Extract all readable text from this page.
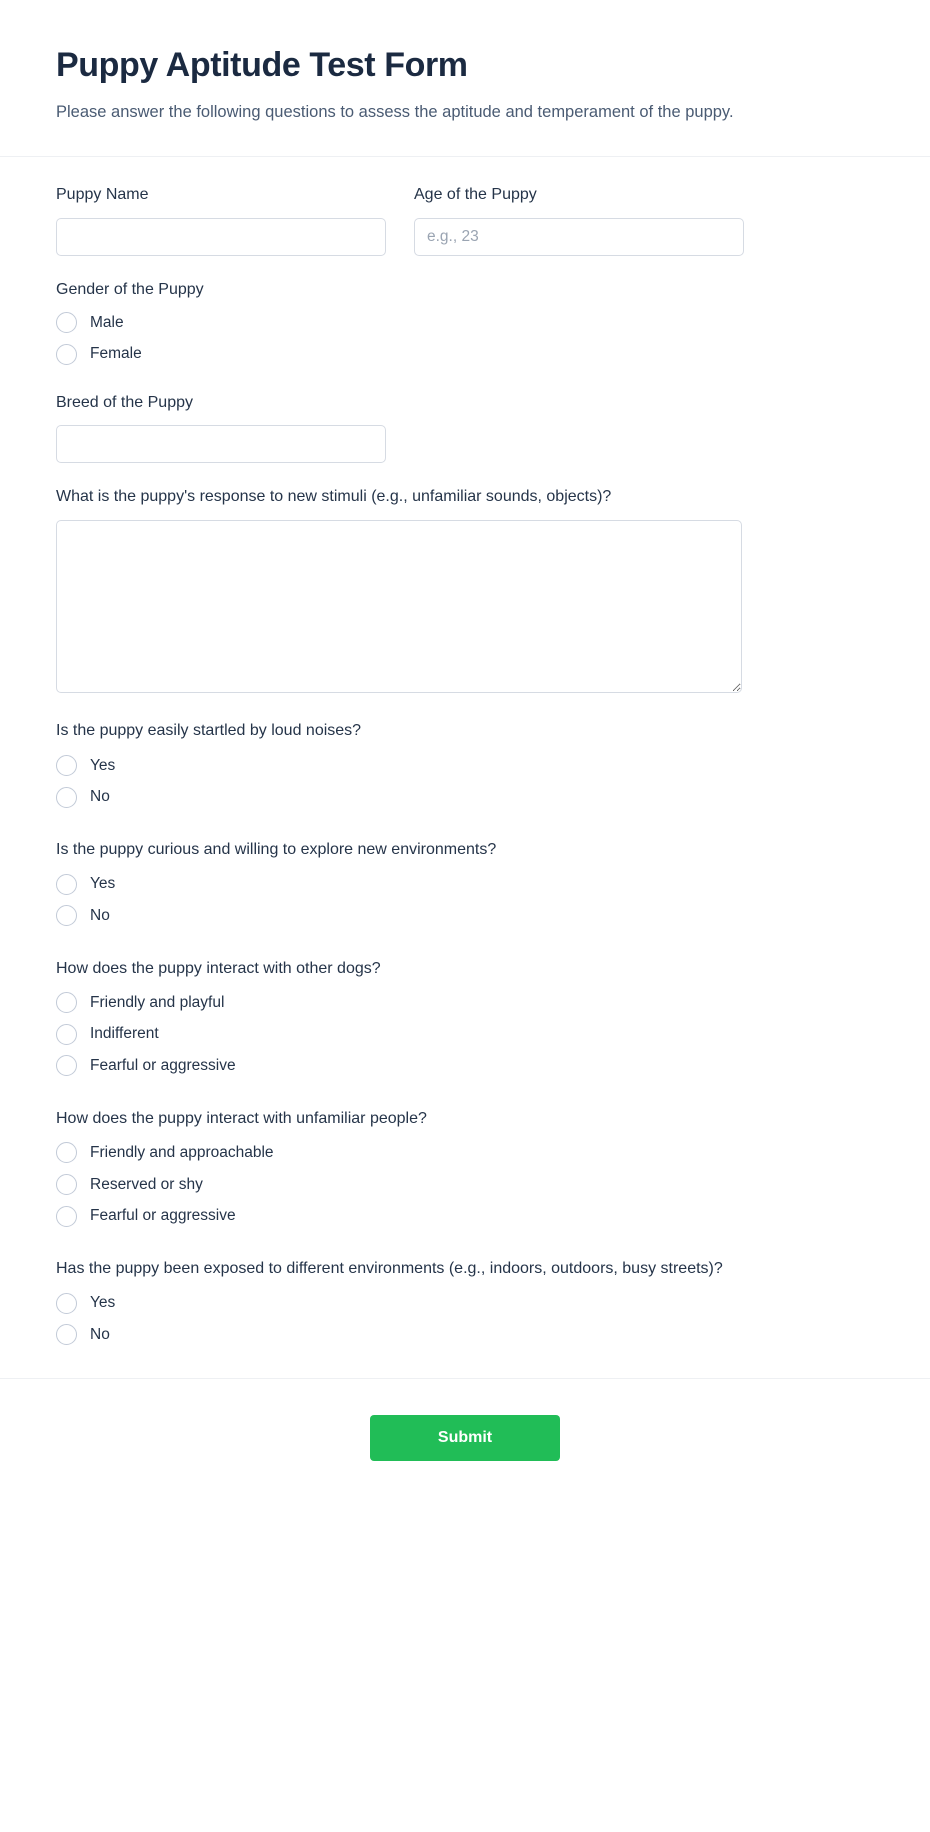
Puppy Aptitude Test Form

Please answer the following questions to assess the aptitude and temperament of the puppy.

Puppy Name	Age of the Puppy
e.g., 23
Gender of the Puppy
Male
Female
Breed of the Puppy
What is the puppy's response to new stimuli (e.g., unfamiliar sounds, objects)?
Is the puppy easily startled by loud noises?
Yes
No
Is the puppy curious and willing to explore new environments?
Yes
No
How does the puppy interact with other dogs?
Friendly and playful
Indifferent
Fearful or aggressive
How does the puppy interact with unfamiliar people?
Friendly and approachable
Reserved or shy
Fearful or aggressive
Has the puppy been exposed to different environments (e.g., indoors, outdoors, busy streets)?
Yes
No
Submit
